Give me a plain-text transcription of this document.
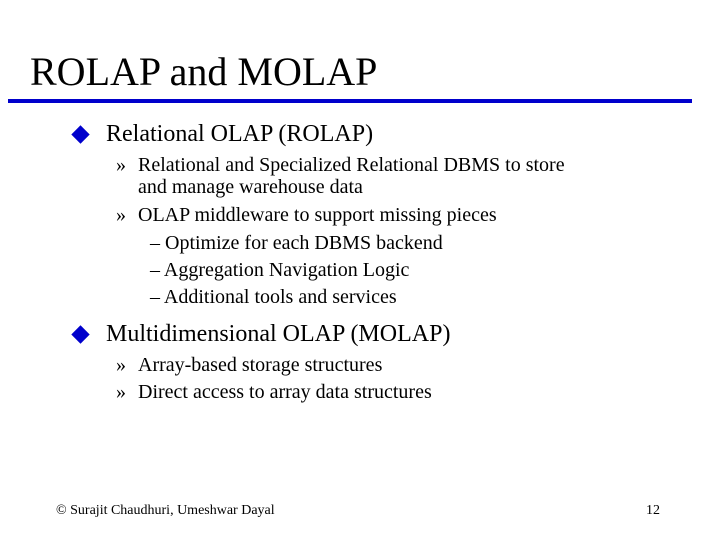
ROLAP and MOLAP
Relational OLAP (ROLAP)
» Relational and Specialized Relational DBMS to store
and manage warehouse data
» OLAP middleware to support missing pieces
– Optimize for each DBMS backend
– Aggregation Navigation Logic
– Additional tools and services
Multidimensional OLAP (MOLAP)
» Array-based storage structures
» Direct access to array data structures
© Surajit Chaudhuri, Umeshwar Dayal	12
